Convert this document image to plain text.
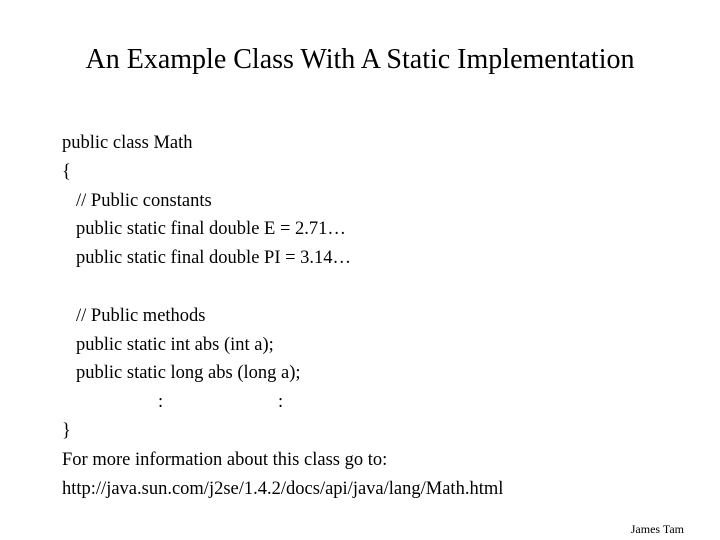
An Example Class With A Static Implementation
public class Math
{
// Public constants
public static final double E = 2.71…
public static final double PI = 3.14…
// Public methods
public static int abs (int a);
public static long abs (long a);
:	:
}
For more information about this class go to:
http://java.sun.com/j2se/1.4.2/docs/api/java/lang/Math.html
James Tam
